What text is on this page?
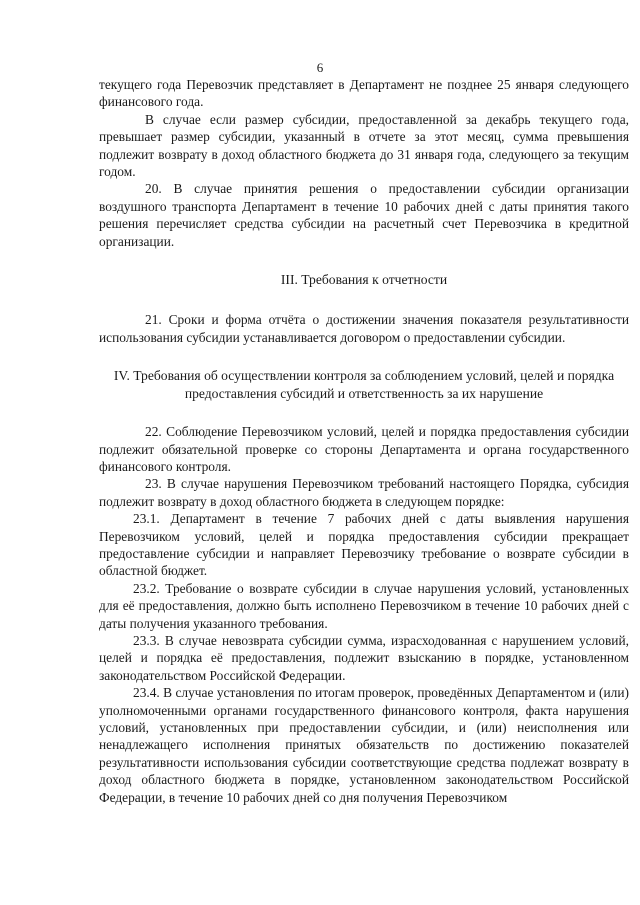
6

текущего года Перевозчик представляет в Департамент не позднее 25 января следующего финансового года.

В случае если размер субсидии, предоставленной за декабрь текущего года, превышает размер субсидии, указанный в отчете за этот месяц, сумма превышения подлежит возврату в доход областного бюджета до 31 января года, следующего за текущим годом.

20. В случае принятия решения о предоставлении субсидии организации воздушного транспорта Департамент в течение 10 рабочих дней с даты принятия такого решения перечисляет средства субсидии на расчетный счет Перевозчика в кредитной организации.

III. Требования к отчетности

21. Сроки и форма отчёта о достижении значения показателя результативности использования субсидии устанавливается договором о предоставлении субсидии.

IV. Требования об осуществлении контроля за соблюдением условий, целей и порядка предоставления субсидий и ответственность за их нарушение

22. Соблюдение Перевозчиком условий, целей и порядка предоставления субсидии подлежит обязательной проверке со стороны Департамента и органа государственного финансового контроля.

23. В случае нарушения Перевозчиком требований настоящего Порядка, субсидия подлежит возврату в доход областного бюджета в следующем порядке:

23.1. Департамент в течение 7 рабочих дней с даты выявления нарушения Перевозчиком условий, целей и порядка предоставления субсидии прекращает предоставление субсидии и направляет Перевозчику требование о возврате субсидии в областной бюджет.

23.2. Требование о возврате субсидии в случае нарушения условий, установленных для её предоставления, должно быть исполнено Перевозчиком в течение 10 рабочих дней с даты получения указанного требования.

23.3. В случае невозврата субсидии сумма, израсходованная с нарушением условий, целей и порядка её предоставления, подлежит взысканию в порядке, установленном законодательством Российской Федерации.

23.4. В случае установления по итогам проверок, проведённых Департаментом и (или) уполномоченными органами государственного финансового контроля, факта нарушения условий, установленных при предоставлении субсидии, и (или) неисполнения или ненадлежащего исполнения принятых обязательств по достижению показателей результативности использования субсидии соответствующие средства подлежат возврату в доход областного бюджета в порядке, установленном законодательством Российской Федерации, в течение 10 рабочих дней со дня получения Перевозчиком
